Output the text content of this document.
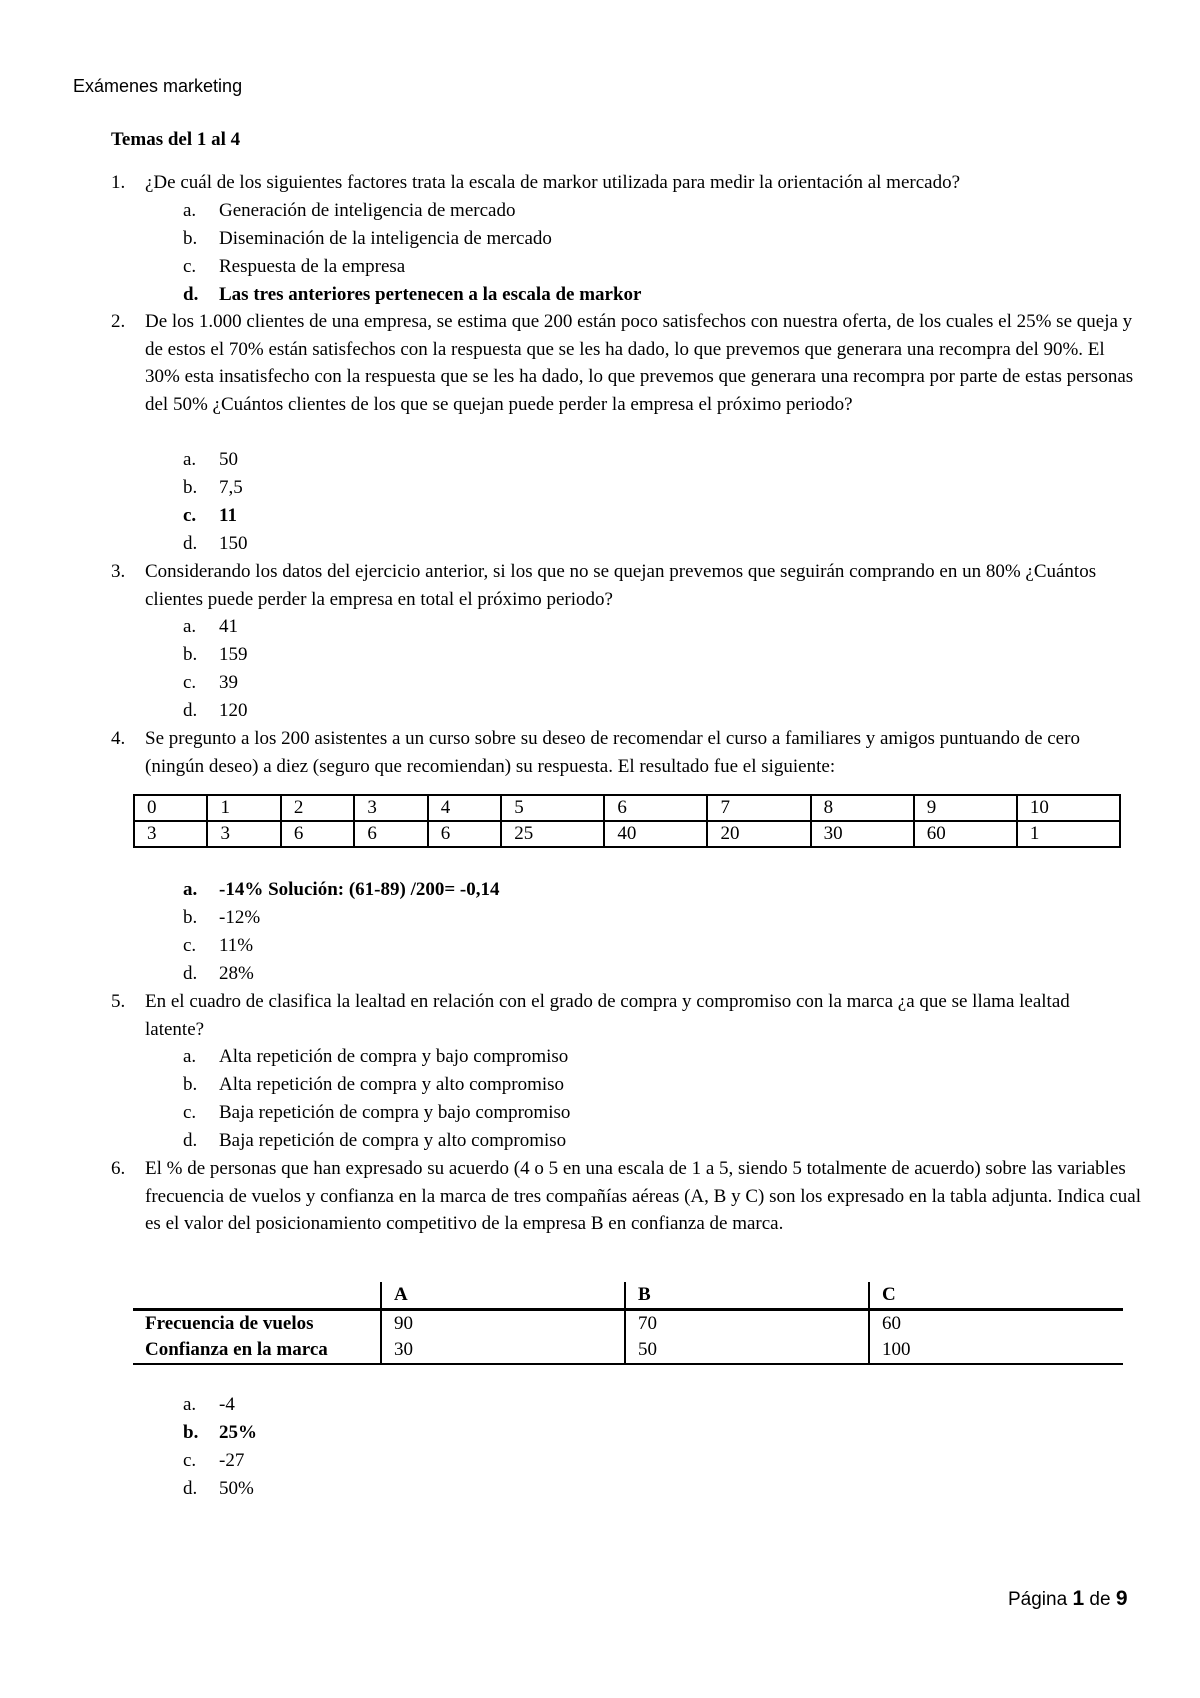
Exámenes marketing
Temas del 1 al 4
1. ¿De cuál de los siguientes factores trata la escala de markor utilizada para medir la orientación al mercado?
a. Generación de inteligencia de mercado
b. Diseminación de la inteligencia de mercado
c. Respuesta de la empresa
d. Las tres anteriores pertenecen a la escala de markor
2. De los 1.000 clientes de una empresa, se estima que 200 están poco satisfechos con nuestra oferta, de los cuales el 25% se queja y de estos el 70% están satisfechos con la respuesta que se les ha dado, lo que prevemos que generara una recompra del 90%. El 30% esta insatisfecho con la respuesta que se les ha dado, lo que prevemos que generara una recompra por parte de estas personas del 50% ¿Cuántos clientes de los que se quejan puede perder la empresa el próximo periodo?
a. 50
b. 7,5
c. 11
d. 150
3. Considerando los datos del ejercicio anterior, si los que no se quejan prevemos que seguirán comprando en un 80% ¿Cuántos clientes puede perder la empresa en total el próximo periodo?
a. 41
b. 159
c. 39
d. 120
4. Se pregunto a los 200 asistentes a un curso sobre su deseo de recomendar el curso a familiares y amigos puntuando de cero (ningún deseo) a diez (seguro que recomiendan) su respuesta. El resultado fue el siguiente:
0	1	2	3	4	5	6	7	8	9	10
3	3	6	6	6	25	40	20	30	60	1
a. -14% Solución: (61-89) /200= -0,14
b. -12%
c. 11%
d. 28%
5. En el cuadro de clasifica la lealtad en relación con el grado de compra y compromiso con la marca ¿a que se llama lealtad latente?
a. Alta repetición de compra y bajo compromiso
b. Alta repetición de compra y alto compromiso
c. Baja repetición de compra y bajo compromiso
d. Baja repetición de compra y alto compromiso
6. El % de personas que han expresado su acuerdo (4 o 5 en una escala de 1 a 5, siendo 5 totalmente de acuerdo) sobre las variables frecuencia de vuelos y confianza en la marca de tres compañías aéreas (A, B y C) son los expresado en la tabla adjunta. Indica cual es el valor del posicionamiento competitivo de la empresa B en confianza de marca.
	A	B	C
Frecuencia de vuelos	90	70	60
Confianza en la marca	30	50	100
a. -4
b. 25%
c. -27
d. 50%
Página 1 de 9
